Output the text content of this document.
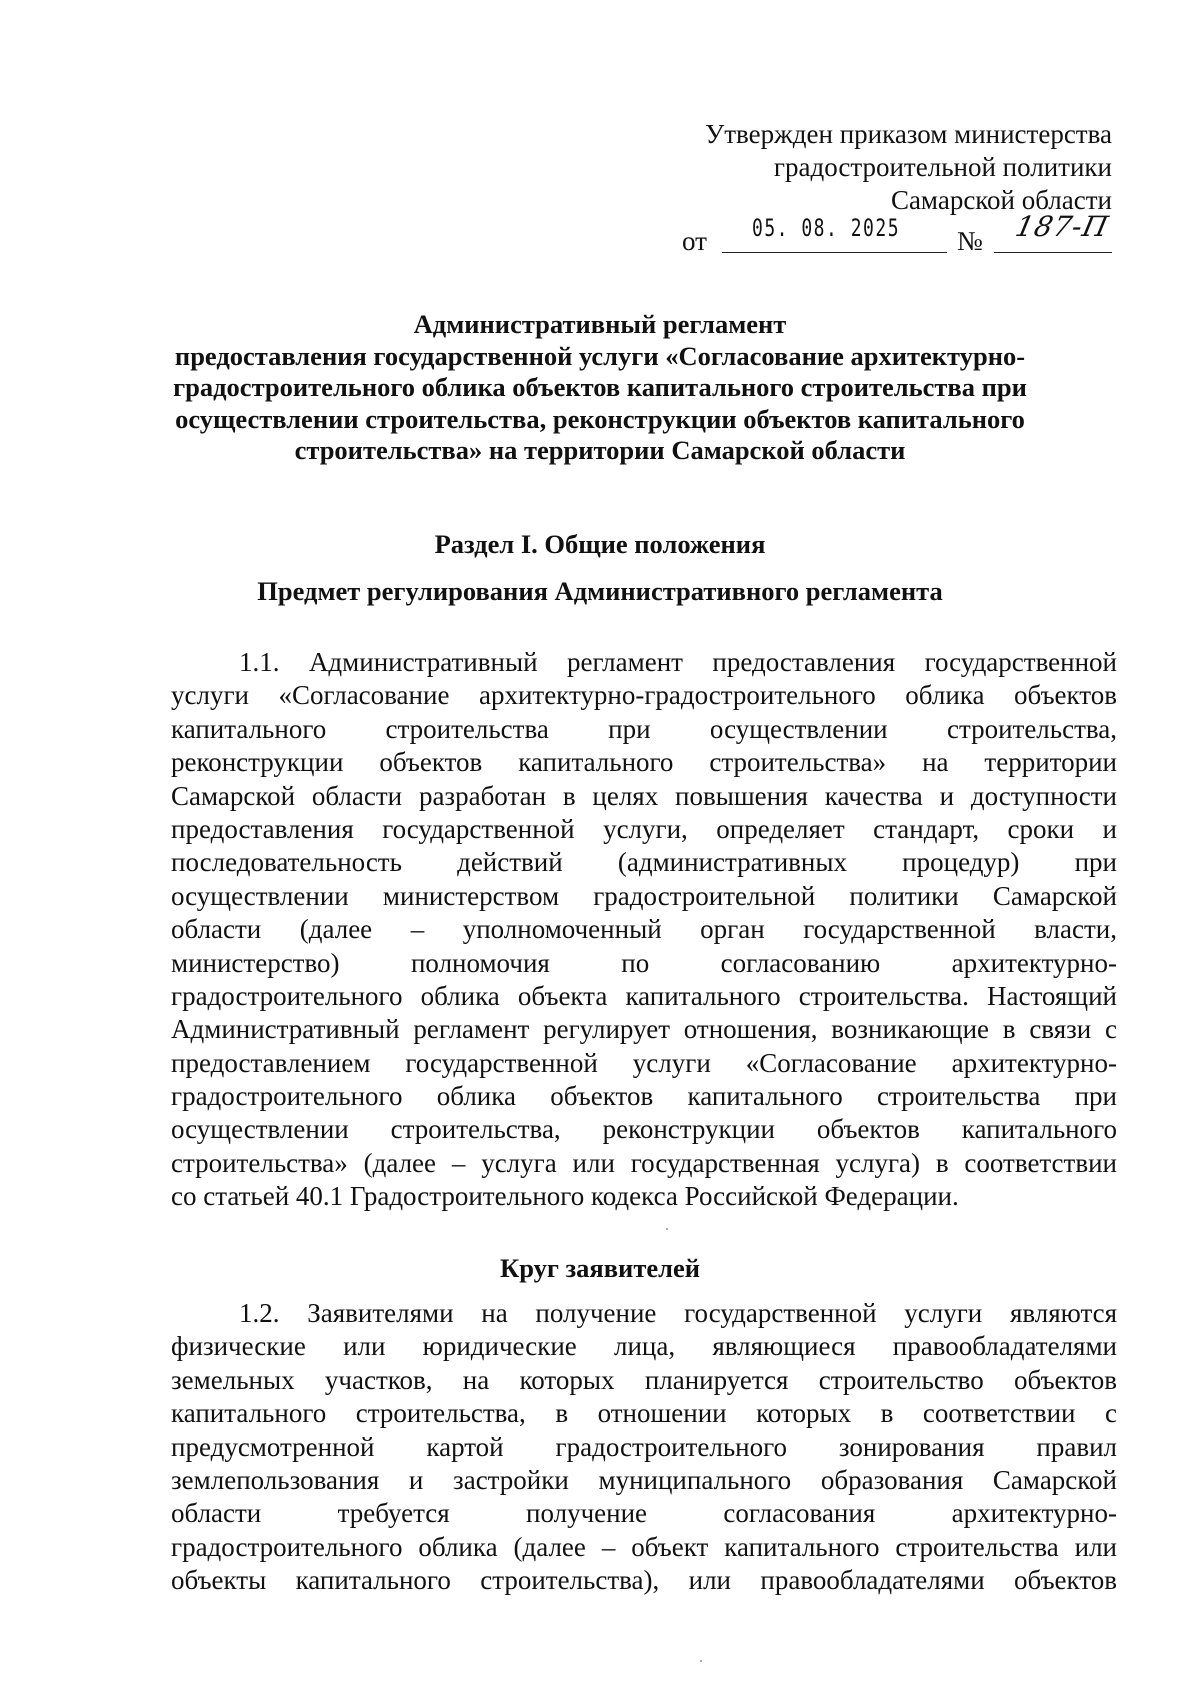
Утвержден приказом министерства
градостроительной политики
Самарской области
от 05. 08. 2025 № 187-П
Административный регламент
предоставления государственной услуги «Согласование архитектурно-
градостроительного облика объектов капитального строительства при
осуществлении строительства, реконструкции объектов капитального
строительства» на территории Самарской области
Раздел I. Общие положения
Предмет регулирования Административного регламента
1.1. Административный регламент предоставления государственной
услуги «Согласование архитектурно-градостроительного облика объектов
капитального строительства при осуществлении строительства,
реконструкции объектов капитального строительства» на территории
Самарской области разработан в целях повышения качества и доступности
предоставления государственной услуги, определяет стандарт, сроки и
последовательность действий (административных процедур) при
осуществлении министерством градостроительной политики Самарской
области (далее – уполномоченный орган государственной власти,
министерство) полномочия по согласованию архитектурно-
градостроительного облика объекта капитального строительства. Настоящий
Административный регламент регулирует отношения, возникающие в связи с
предоставлением государственной услуги «Согласование архитектурно-
градостроительного облика объектов капитального строительства при
осуществлении строительства, реконструкции объектов капитального
строительства» (далее – услуга или государственная услуга) в соответствии
со статьей 40.1 Градостроительного кодекса Российской Федерации.
Круг заявителей
1.2. Заявителями на получение государственной услуги являются
физические или юридические лица, являющиеся правообладателями
земельных участков, на которых планируется строительство объектов
капитального строительства, в отношении которых в соответствии с
предусмотренной картой градостроительного зонирования правил
землепользования и застройки муниципального образования Самарской
области требуется получение согласования архитектурно-
градостроительного облика (далее – объект капитального строительства или
объекты капитального строительства), или правообладателями объектов
